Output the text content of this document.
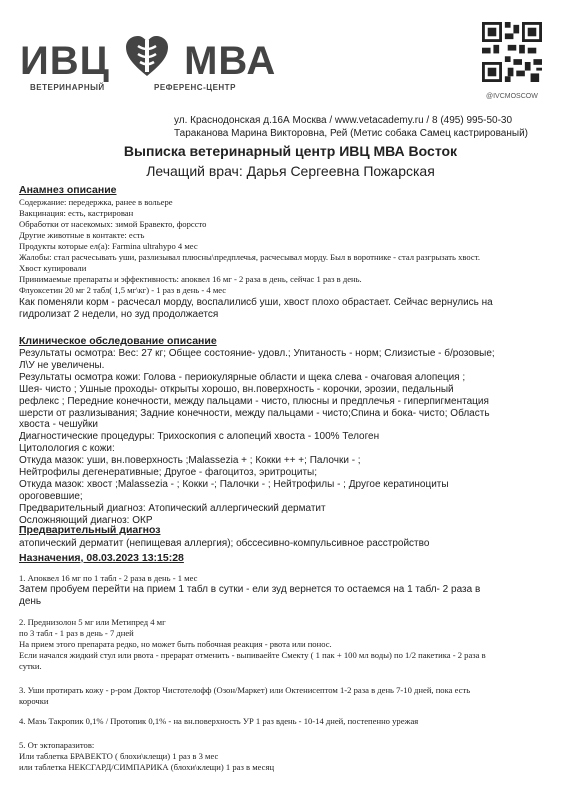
ИВЦ МВА
ВЕТЕРИНАРНЫЙ	РЕФЕРЕНС-ЦЕНТР
@IVCMOSCOW
ул. Краснодонская д.16А Москва / www.vetacademy.ru / 8 (495) 995-50-30
Тараканова Марина Викторовна, Рей (Метис собака Самец кастрированый)
Выписка ветеринарный центр ИВЦ МВА Восток
Лечащий врач: Дарья Сергеевна Пожарская
Анамнез описание
Содержание: передержка, ранее в вольере
Вакцинация: есть, кастрирован
Обработки от насекомых: зимой Бравекто, форссто
Другие животные в контакте: есть
Продукты которые ел(а): Farmina ultrahypo 4 мес
Жалобы: стал расчесывать уши, разлизывал плюсны\предплечья, расчесывал морду. Был в воротнике - стал разгрызать хвост.
Хвост купировали
Принимаемые препараты и эффективность: апоквел 16 мг - 2 раза в день, сейчас 1 раз в день.
Флуоксетин 20 мг 2 табл( 1,5 мг\кг) - 1 раз в день - 4 мес
Как поменяли корм - расчесал морду, воспалилисб уши, хвост плохо обрастает. Сейчас вернулись на
гидролизат 2 недели, но зуд продолжается
Клиническое обследование описание
Результаты осмотра: Вес: 27 кг; Общее состояние- удовл.; Упитаность - норм; Слизистые - б/розовые;
Л\У не увеличены.
Результаты осмотра кожи: Голова - периокулярные области и щека слева - очаговая алопеция ;
Шея- чисто ; Ушные проходы- открыты хорошо, вн.поверхность - корочки, эрозии, педальный
рефлекс ; Передние конечности, между пальцами - чисто, плюсны и предплечья - гиперпигментация
шерсти от разлизывания; Задние конечности, между пальцами - чисто;Спина и бока- чисто; Область
хвоста - чешуйки
Диагностические процедуры: Трихоскопия с алопеций хвоста - 100% Телоген
Цитолология с кожи:
Откуда мазок: уши, вн.поверхность ;Malassezia + ; Кокки ++ +; Палочки - ;
Нейтрофилы дегенеративные; Другое - фагоцитоз, эритроциты;
Откуда мазок: хвост ;Malassezia - ; Кокки -; Палочки - ; Нейтрофилы - ; Другое кератиноциты
ороговевшие;
Предварительный диагноз: Атопический аллергический дерматит
Осложняющий диагноз: ОКР
Предварительный диагноз
атопический дерматит (непищевая аллергия); обссесивно-компульсивное расстройство
Назначения, 08.03.2023 13:15:28
1. Апоквел 16 мг по 1 табл - 2 раза в день - 1 мес
Затем пробуем перейти на прием 1 табл в сутки - ели зуд вернется то остаемся на 1 табл- 2 раза в
день
2. Преднизолон 5 мг или Метипред 4 мг
по 3 табл - 1 раз в день - 7 дней
На прием этого препарата редко, но может быть побочная реакция - рвота или понос.
Если начался жидкий стул или рвота - прерарат отменить - выпиваейте Смекту ( 1 пак + 100 мл воды) по 1/2 пакетика - 2 раза в
сутки.
3. Уши протирать кожу - р-ром Доктор Чистотелофф (Озон/Маркет) или Октенисептом 1-2 раза в день 7-10 дней, пока есть
корочки
4. Мазь Такропик 0,1% / Протопик 0,1% - на вн.поверхность УР 1 раз вдень - 10-14 дней, постепенно урежая
5. От эктопаразитов:
Или таблетка БРАВЕКТО ( блохи\клещи) 1 раз в 3 мес
или таблетка НЕКСГАРД/СИМПАРИКА (блохи\клещи) 1 раз в месяц
